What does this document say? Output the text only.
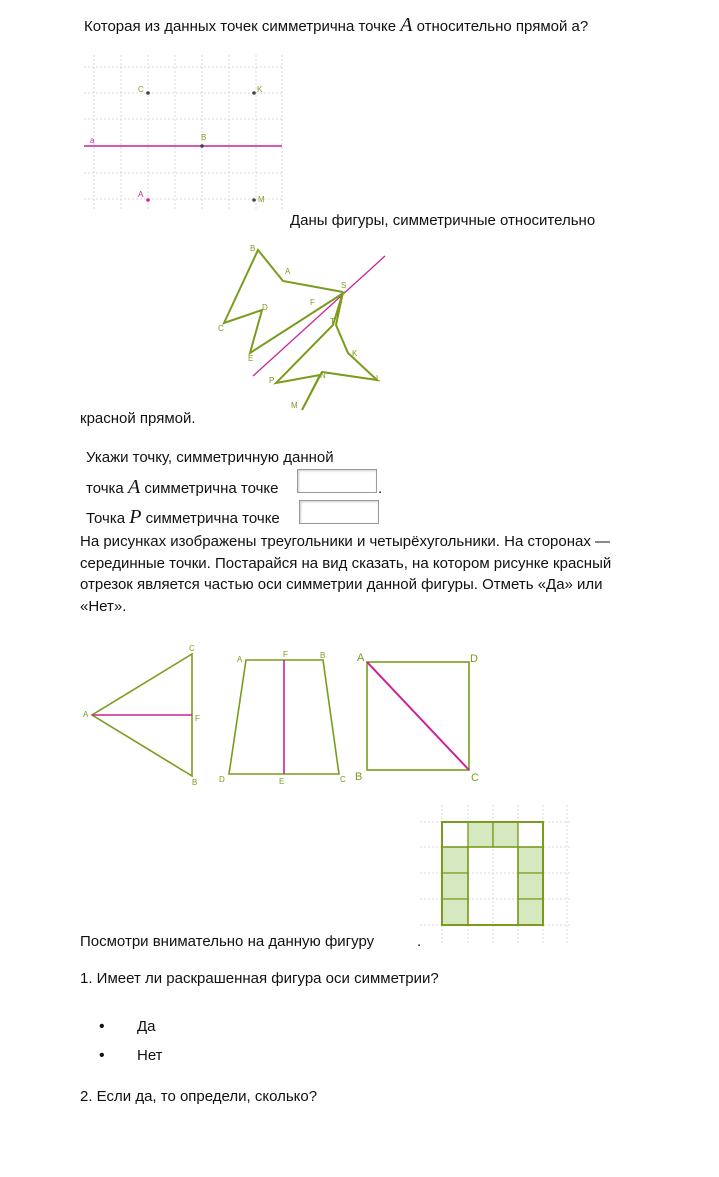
Которая из данных точек симметрична точке A относительно прямой а?
C	K
a	B
A
M
Даны фигуры, симметричные относительно
B
A
S
D
F
C
T
E
K
N
P	L
M
красной прямой.
Укажи точку, симметричную данной
точка A симметрична точке	.
Точка P симметрична точке
На рисунках изображены треугольники и четырёхугольники. На сторонах — серединные точки. Постарайся на вид сказать, на котором рисунке красный отрезок является частью оси симметрии данной фигуры. Отметь «Да» или «Нет».
C
A	F
B
A
F	B
D	E	C
A	D
B	C
Посмотри внимательно на данную фигуру	.
1. Имеет ли раскрашенная фигура оси симметрии?
• Да
• Нет
2. Если да, то определи, сколько?
